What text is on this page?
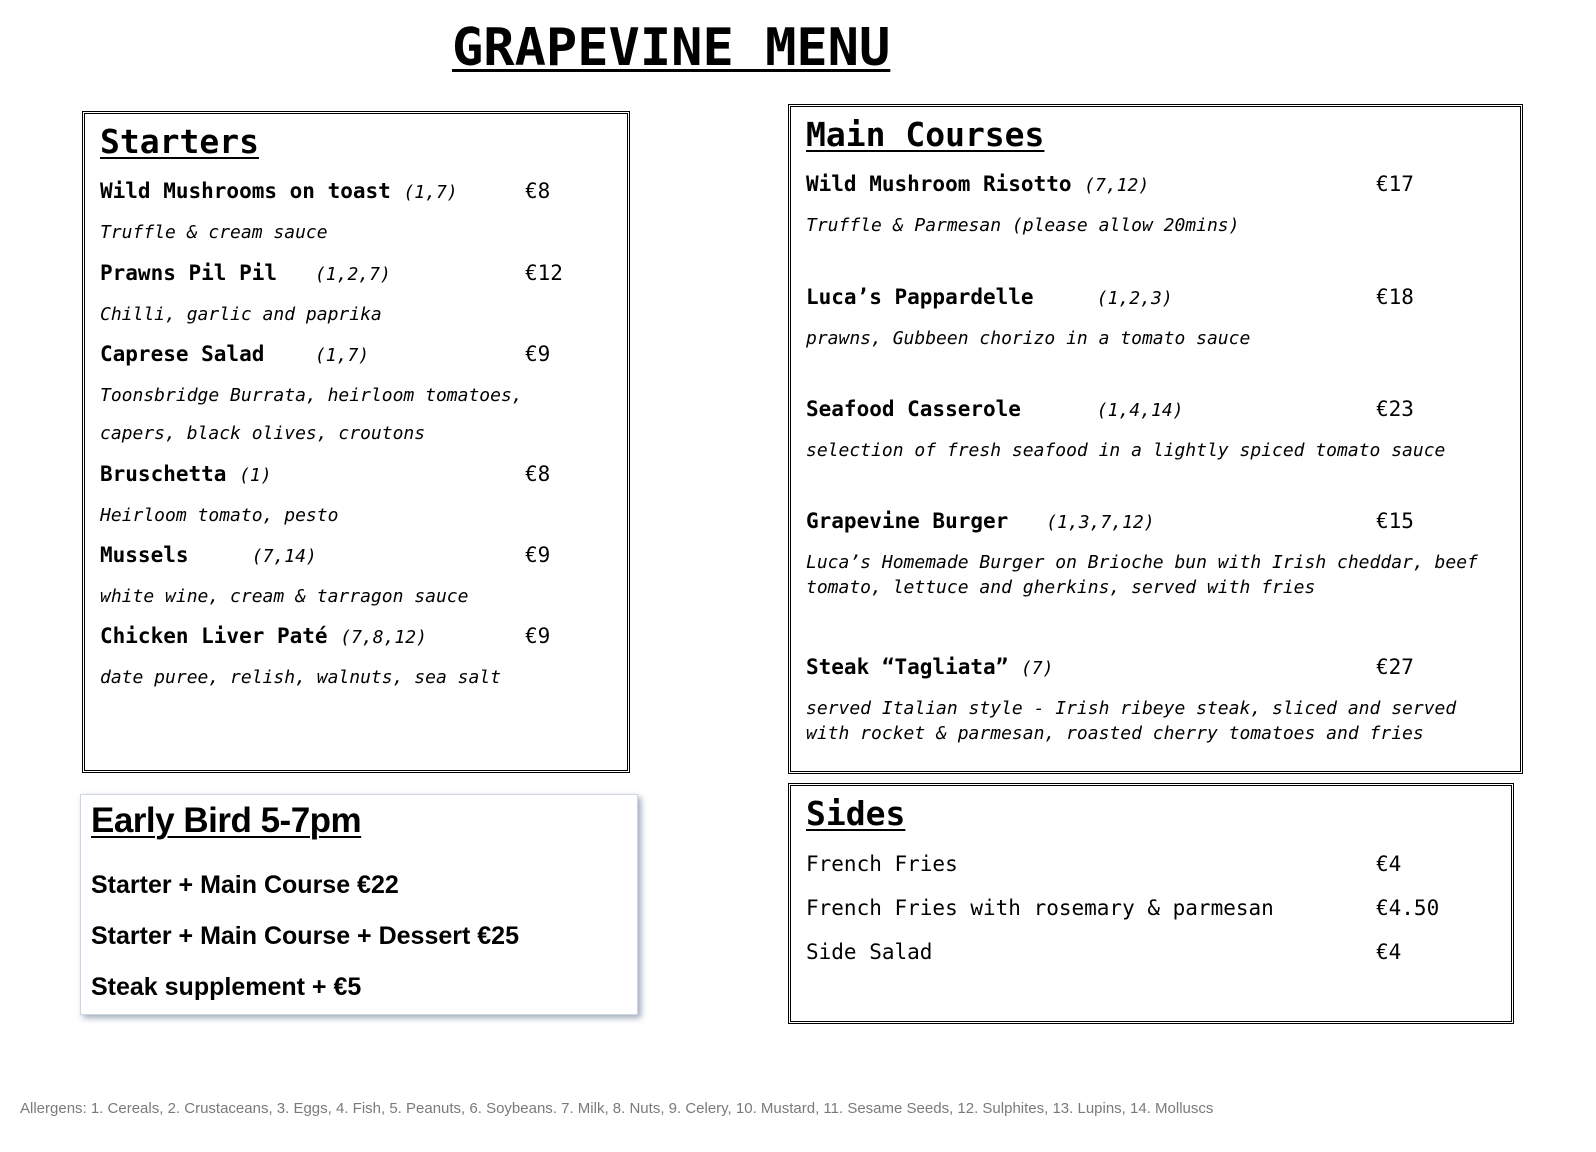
GRAPEVINE MENU
Starters
Wild Mushrooms on toast (1,7)	€8
Truffle & cream sauce
Prawns Pil Pil (1,2,7)	€12
Chilli, garlic and paprika
Caprese Salad	(1,7)	€9
Toonsbridge Burrata, heirloom tomatoes,
capers, black olives, croutons
Bruschetta (1)	€8
Heirloom tomato, pesto
Mussels	(7,14)	€9
white wine, cream & tarragon sauce
Chicken Liver Paté (7,8,12)	€9
date puree, relish, walnuts, sea salt
Main Courses
Wild Mushroom Risotto (7,12)	€17
Truffle & Parmesan (please allow 20mins)
Luca’s Pappardelle	(1,2,3)	€18
prawns, Gubbeen chorizo in a tomato sauce
Seafood Casserole	(1,4,14)	€23
selection of fresh seafood in a lightly spiced tomato sauce
Grapevine Burger (1,3,7,12)	€15
Luca’s Homemade Burger on Brioche bun with Irish cheddar, beef
tomato, lettuce and gherkins, served with fries
Steak “Tagliata” (7)	€27
served Italian style - Irish ribeye steak, sliced and served
with rocket & parmesan, roasted cherry tomatoes and fries
Early Bird 5-7pm
Starter + Main Course €22
Starter + Main Course + Dessert €25
Steak supplement + €5
Sides
French Fries	€4
French Fries with rosemary & parmesan	€4.50
Side Salad	€4
Allergens: 1. Cereals, 2. Crustaceans, 3. Eggs, 4. Fish, 5. Peanuts, 6. Soybeans. 7. Milk, 8. Nuts, 9. Celery, 10. Mustard, 11. Sesame Seeds, 12. Sulphites, 13. Lupins, 14. Molluscs
